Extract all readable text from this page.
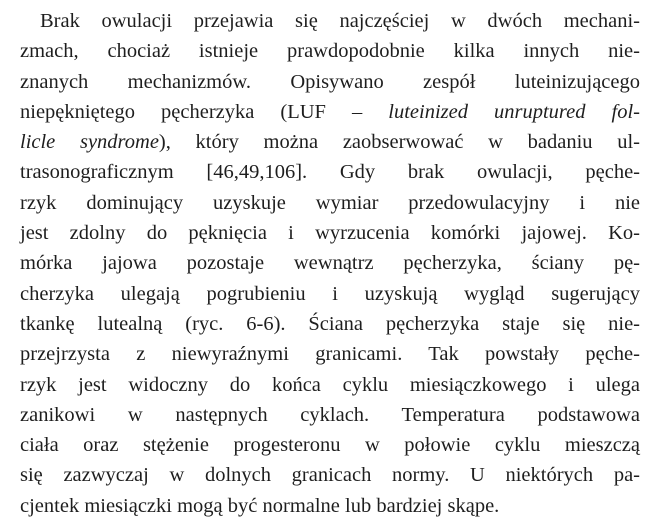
Brak owulacji przejawia się najczęściej w dwóch mechani-
zmach, chociaż istnieje prawdopodobnie kilka innych nie-
znanych mechanizmów. Opisywano zespół luteinizującego
niepękniętego pęcherzyka (LUF – luteinized unruptured fol-
licle syndrome), który można zaobserwować w badaniu ul-
trasonograficznym [46,49,106]. Gdy brak owulacji, pęche-
rzyk dominujący uzyskuje wymiar przedowulacyjny i nie
jest zdolny do pęknięcia i wyrzucenia komórki jajowej. Ko-
mórka jajowa pozostaje wewnątrz pęcherzyka, ściany pę-
cherzyka ulegają pogrubieniu i uzyskują wygląd sugerujący
tkankę lutealną (ryc. 6-6). Ściana pęcherzyka staje się nie-
przejrzysta z niewyraźnymi granicami. Tak powstały pęche-
rzyk jest widoczny do końca cyklu miesiączkowego i ulega
zanikowi w następnych cyklach. Temperatura podstawowa
ciała oraz stężenie progesteronu w połowie cyklu mieszczą
się zazwyczaj w dolnych granicach normy. U niektórych pa-
cjentek miesiączki mogą być normalne lub bardziej skąpe.
